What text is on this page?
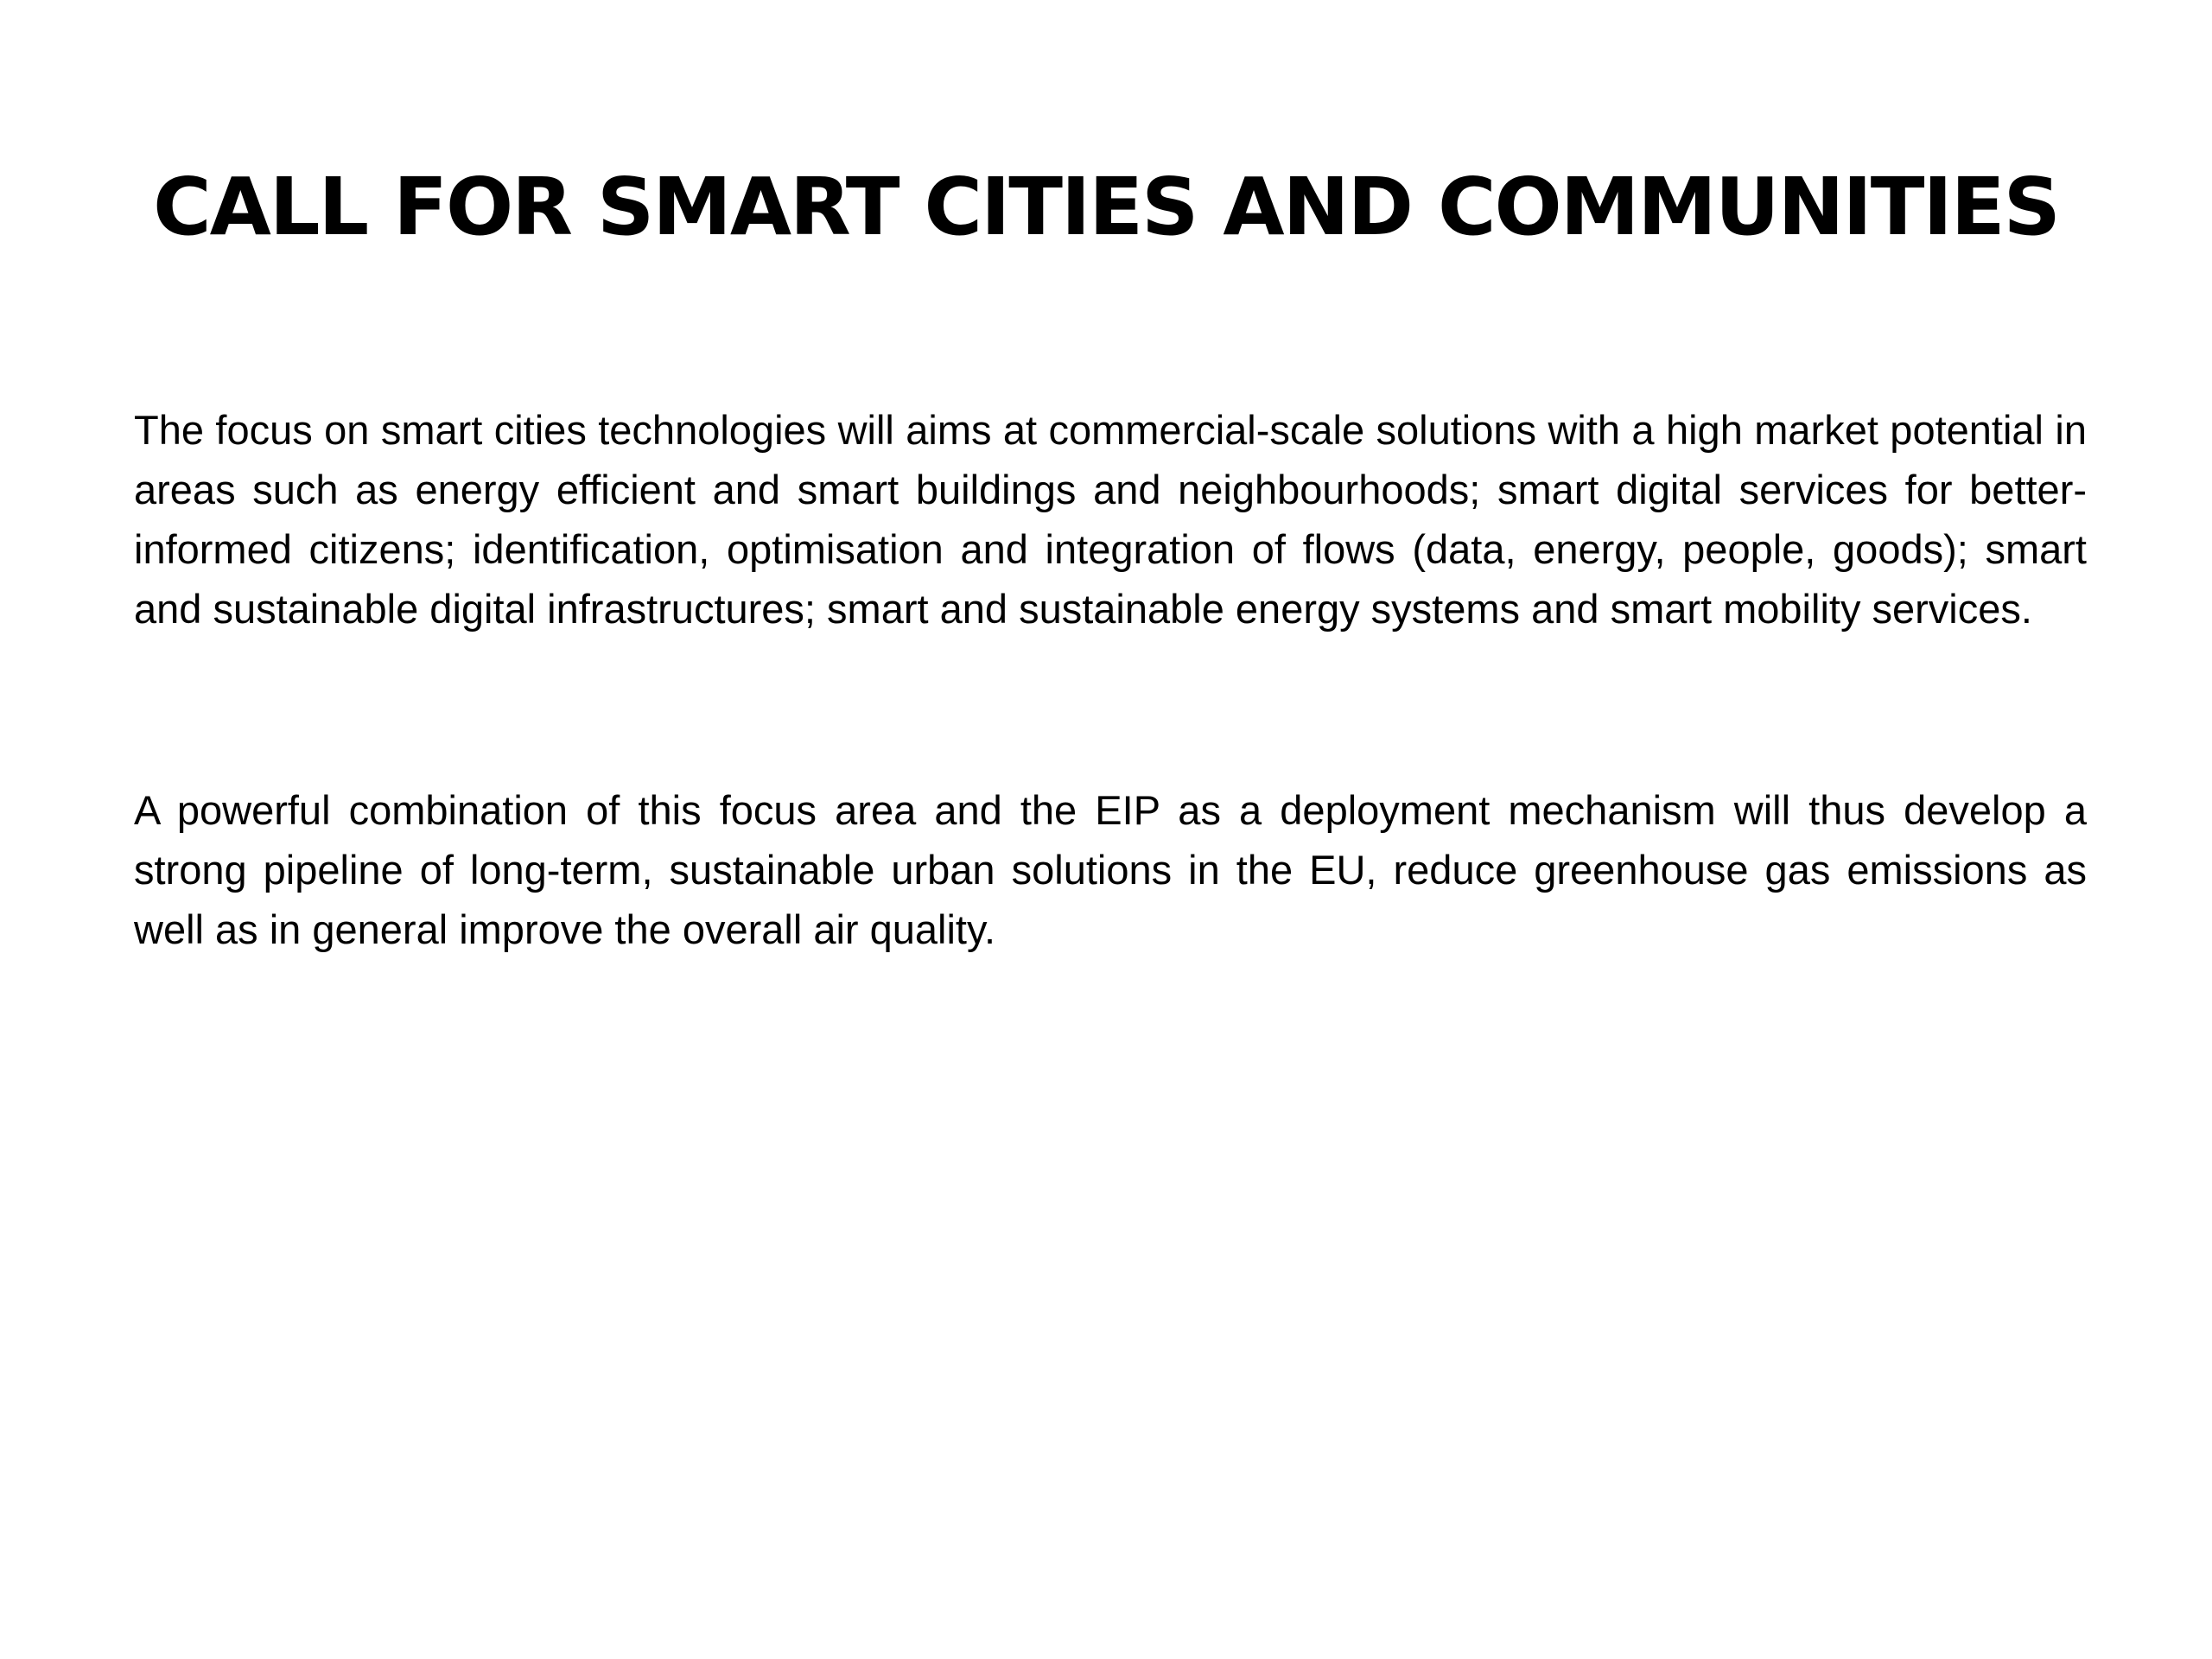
CALL FOR SMART CITIES AND COMMUNITIES

The focus on smart cities technologies will aims at commercial-scale solutions with a high market potential in areas such as energy efficient and smart buildings and neighbourhoods; smart digital services for better-informed citizens; identification, optimisation and integration of flows (data, energy, people, goods); smart and sustainable digital infrastructures; smart and sustainable energy systems and smart mobility services.

A powerful combination of this focus area and the EIP as a deployment mechanism will thus develop a strong pipeline of long-term, sustainable urban solutions in the EU, reduce greenhouse gas emissions as well as in general improve the overall air quality.
